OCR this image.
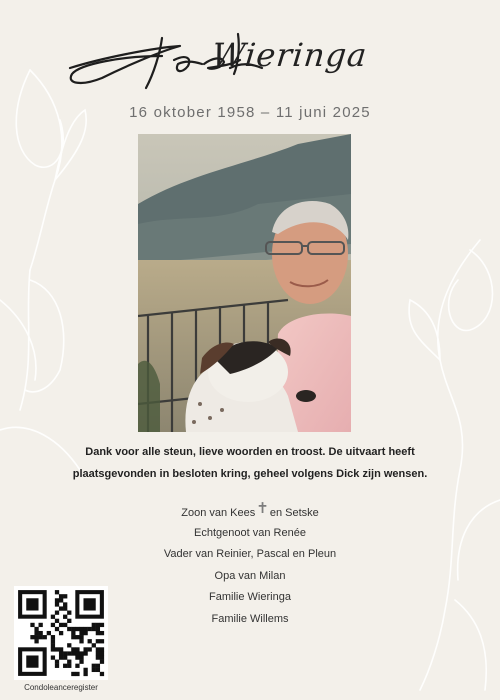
Wieringa
16 oktober 1958 – 11 juni 2025
Dank voor alle steun, lieve woorden en troost. De uitvaart heeft
plaatsgevonden in besloten kring, geheel volgens Dick zijn wensen.
Zoon van Kees✝en Setske
Echtgenoot van Renée
Vader van Reinier, Pascal en Pleun
Opa van Milan
Familie Wieringa
Familie Willems
Condoleanceregister
